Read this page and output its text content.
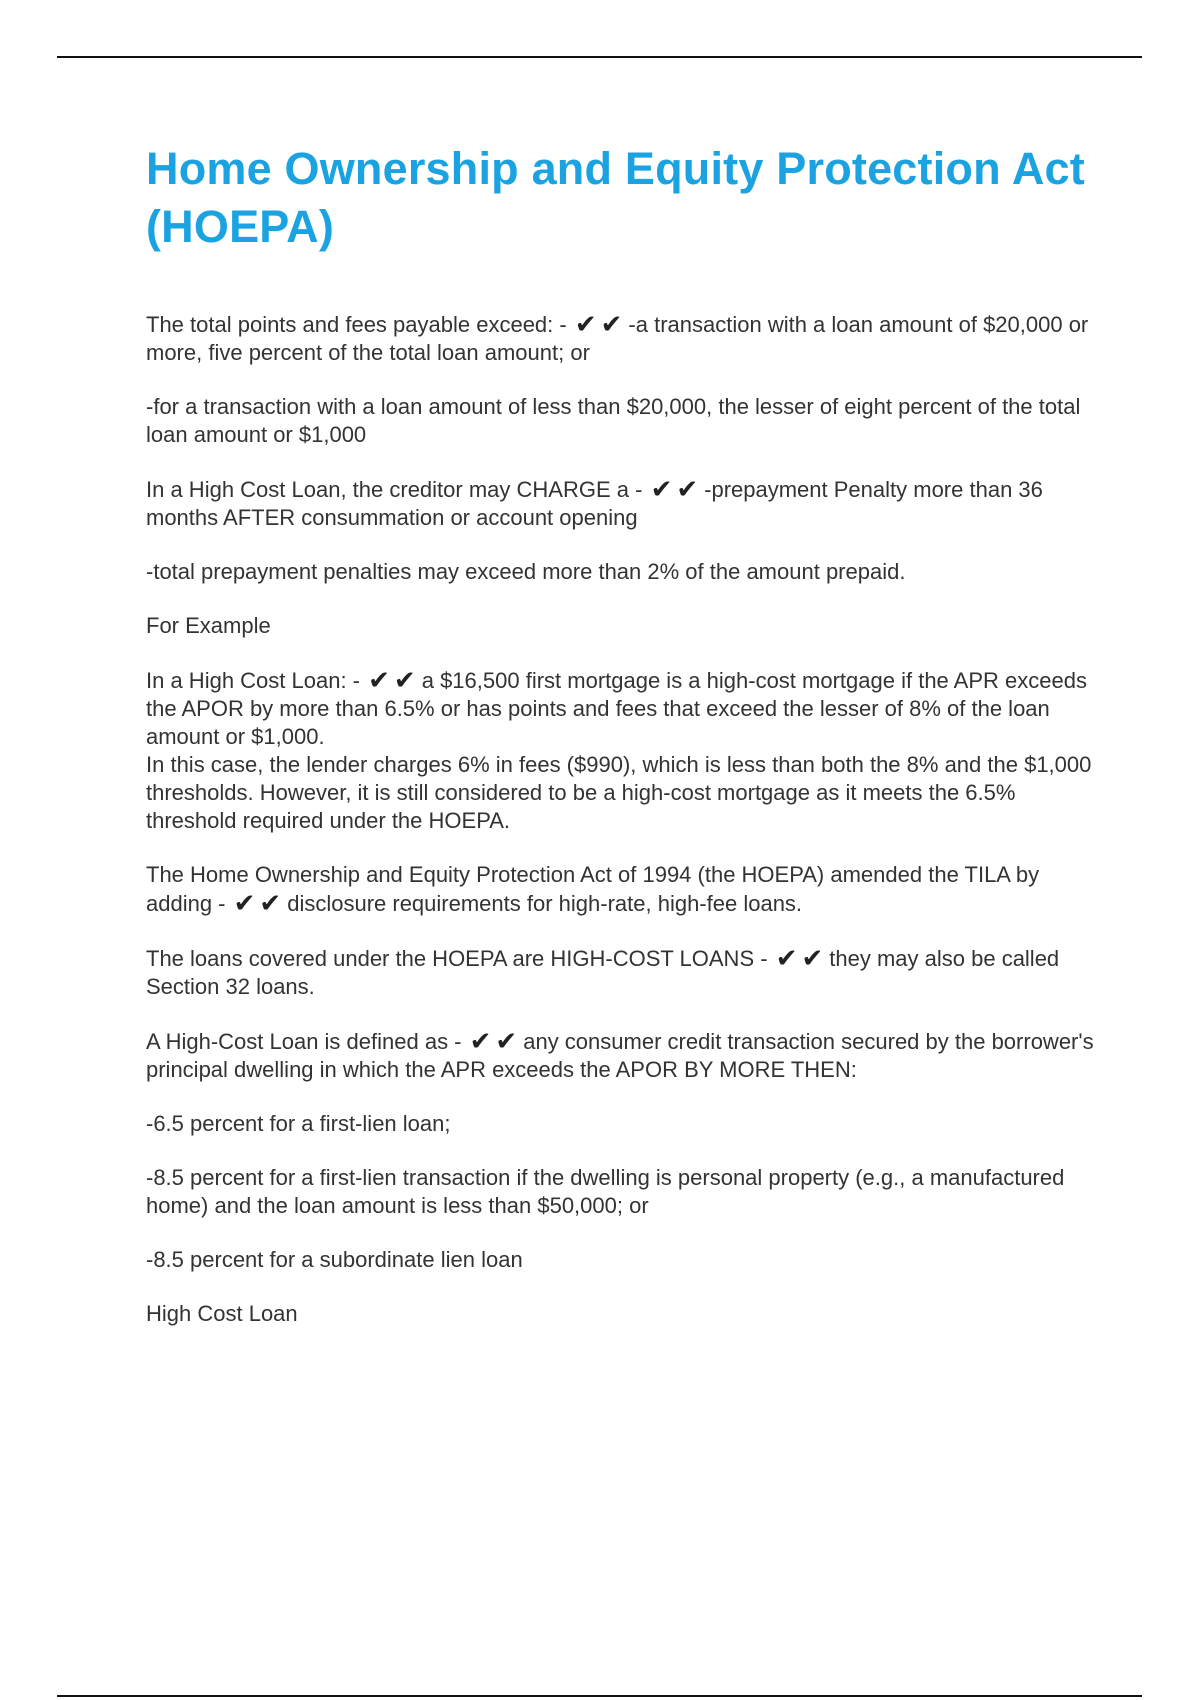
Home Ownership and Equity Protection Act (HOEPA)

The total points and fees payable exceed: - ✔✔-a transaction with a loan amount of $20,000 or more, five percent of the total loan amount; or

-for a transaction with a loan amount of less than $20,000, the lesser of eight percent of the total loan amount or $1,000

In a High Cost Loan, the creditor may CHARGE a - ✔✔-prepayment Penalty more than 36 months AFTER consummation or account opening

-total prepayment penalties may exceed more than 2% of the amount prepaid.

For Example

In a High Cost Loan: - ✔✔a $16,500 first mortgage is a high-cost mortgage if the APR exceeds the APOR by more than 6.5% or has points and fees that exceed the lesser of 8% of the loan amount or $1,000.

In this case, the lender charges 6% in fees ($990), which is less than both the 8% and the $1,000 thresholds. However, it is still considered to be a high-cost mortgage as it meets the 6.5% threshold required under the HOEPA.

The Home Ownership and Equity Protection Act of 1994 (the HOEPA) amended the TILA by adding - ✔✔disclosure requirements for high-rate, high-fee loans.

The loans covered under the HOEPA are HIGH-COST LOANS - ✔✔they may also be called Section 32 loans.

A High-Cost Loan is defined as - ✔✔any consumer credit transaction secured by the borrower's principal dwelling in which the APR exceeds the APOR BY MORE THEN:

-6.5 percent for a first-lien loan;

-8.5 percent for a first-lien transaction if the dwelling is personal property (e.g., a manufactured home) and the loan amount is less than $50,000; or

-8.5 percent for a subordinate lien loan

High Cost Loan
